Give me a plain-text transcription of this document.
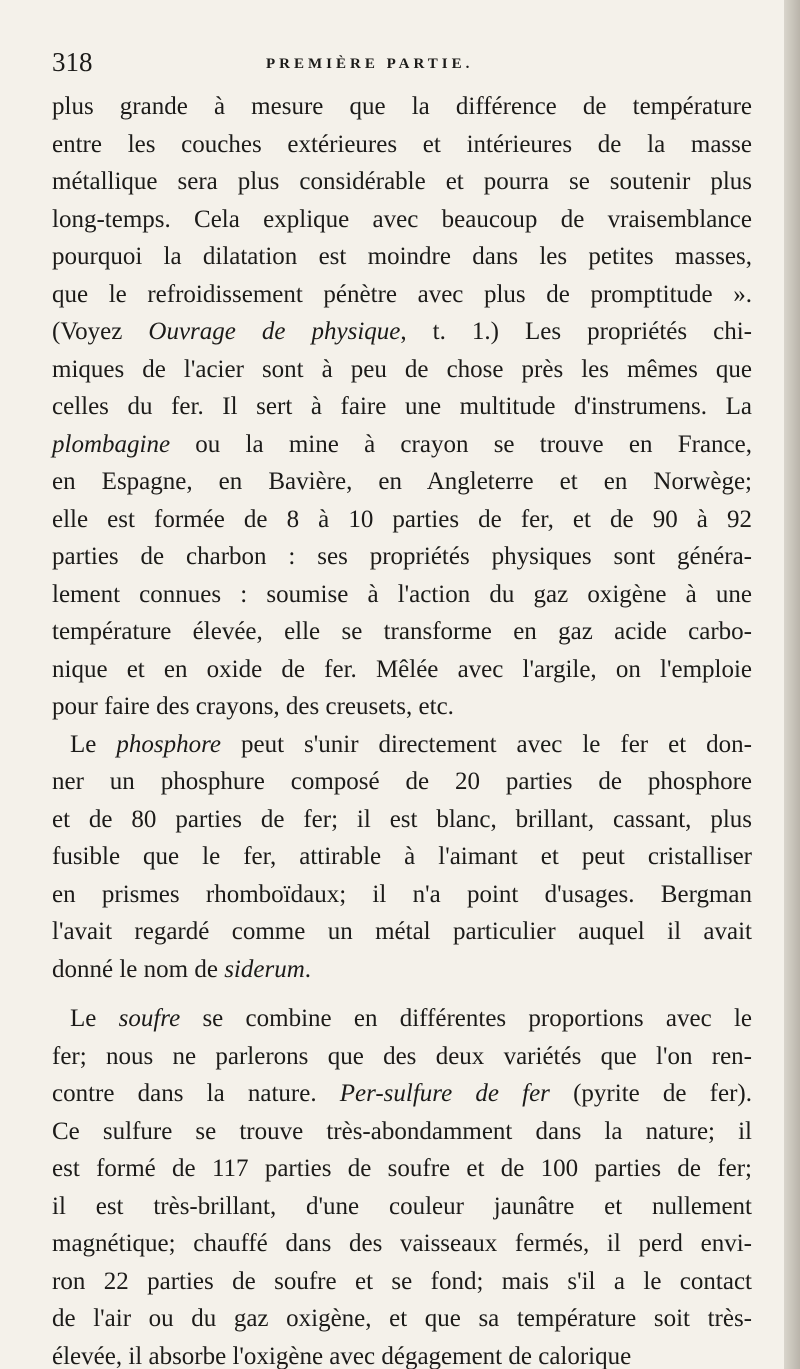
318	PREMIÈRE PARTIE.
plus grande à mesure que la différence de température
entre les couches extérieures et intérieures de la masse
métallique sera plus considérable et pourra se soutenir plus
long-temps. Cela explique avec beaucoup de vraisemblance
pourquoi la dilatation est moindre dans les petites masses,
que le refroidissement pénètre avec plus de promptitude ».
(Voyez Ouvrage de physique, t. 1.) Les propriétés chi-
miques de l'acier sont à peu de chose près les mêmes que
celles du fer. Il sert à faire une multitude d'instrumens. La
plombagine ou la mine à crayon se trouve en France,
en Espagne, en Bavière, en Angleterre et en Norwège;
elle est formée de 8 à 10 parties de fer, et de 90 à 92
parties de charbon : ses propriétés physiques sont généra-
lement connues : soumise à l'action du gaz oxigène à une
température élevée, elle se transforme en gaz acide carbo-
nique et en oxide de fer. Mêlée avec l'argile, on l'emploie
pour faire des crayons, des creusets, etc.
Le phosphore peut s'unir directement avec le fer et don-
ner un phosphure composé de 20 parties de phosphore
et de 80 parties de fer; il est blanc, brillant, cassant, plus
fusible que le fer, attirable à l'aimant et peut cristalliser
en prismes rhomboïdaux; il n'a point d'usages. Bergman
l'avait regardé comme un métal particulier auquel il avait
donné le nom de siderum.
Le soufre se combine en différentes proportions avec le
fer; nous ne parlerons que des deux variétés que l'on ren-
contre dans la nature. Per-sulfure de fer (pyrite de fer).
Ce sulfure se trouve très-abondamment dans la nature; il
est formé de 117 parties de soufre et de 100 parties de fer;
il est très-brillant, d'une couleur jaunâtre et nullement
magnétique; chauffé dans des vaisseaux fermés, il perd envi-
ron 22 parties de soufre et se fond; mais s'il a le contact
de l'air ou du gaz oxigène, et que sa température soit très-
élevée, il absorbe l'oxigène avec dégagement de calorique
